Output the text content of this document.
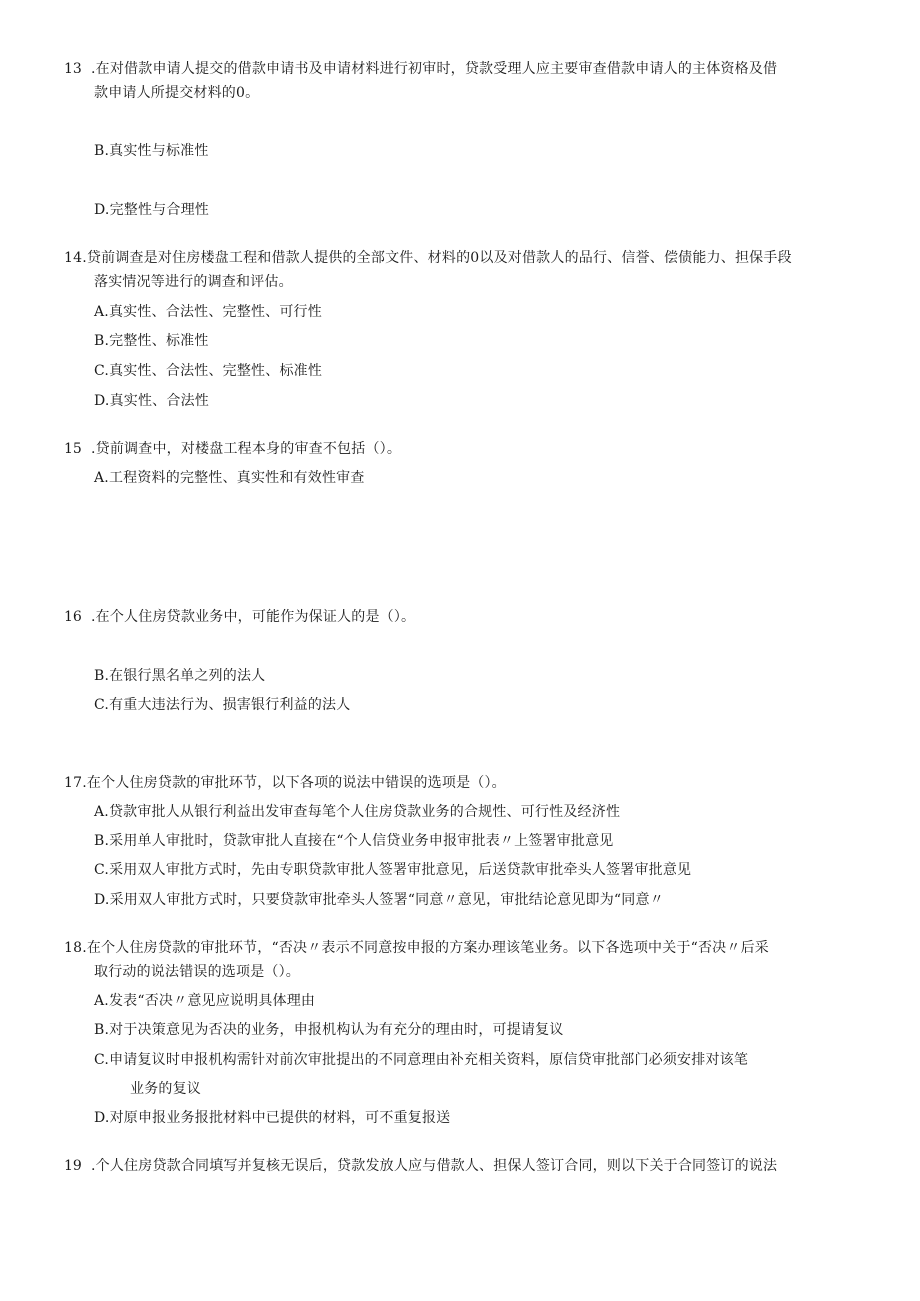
13 .在对借款申请人提交的借款申请书及申请材料进行初审时，贷款受理人应主要审查借款申请人的主体资格及借
款申请人所提交材料的0。
B.真实性与标准性
D.完整性与合理性
14.贷前调查是对住房楼盘工程和借款人提供的全部文件、材料的0以及对借款人的品行、信誉、偿债能力、担保手段
落实情况等进行的调查和评估。
A.真实性、合法性、完整性、可行性
B.完整性、标准性
C.真实性、合法性、完整性、标准性
D.真实性、合法性
15 .贷前调查中，对楼盘工程本身的审查不包括（）。
A.工程资料的完整性、真实性和有效性审查
16 .在个人住房贷款业务中，可能作为保证人的是（）。
B.在银行黑名单之列的法人
C.有重大违法行为、损害银行利益的法人
17.在个人住房贷款的审批环节，以下各项的说法中错误的选项是（）。
A.贷款审批人从银行利益出发审查每笔个人住房贷款业务的合规性、可行性及经济性
B.采用单人审批时，贷款审批人直接在“个人信贷业务申报审批表〃上签署审批意见
C.采用双人审批方式时，先由专职贷款审批人签署审批意见，后送贷款审批牵头人签署审批意见
D.采用双人审批方式时，只要贷款审批牵头人签署“同意〃意见，审批结论意见即为“同意〃
18.在个人住房贷款的审批环节，“否决〃表示不同意按申报的方案办理该笔业务。以下各选项中关于“否决〃后采
取行动的说法错误的选项是（）。
A.发表“否决〃意见应说明具体理由
B.对于决策意见为否决的业务，申报机构认为有充分的理由时，可提请复议
C.申请复议时申报机构需针对前次审批提出的不同意理由补充相关资料，原信贷审批部门必须安排对该笔
业务的复议
D.对原申报业务报批材料中已提供的材料，可不重复报送
19 .个人住房贷款合同填写并复核无误后，贷款发放人应与借款人、担保人签订合同，则以下关于合同签订的说法
